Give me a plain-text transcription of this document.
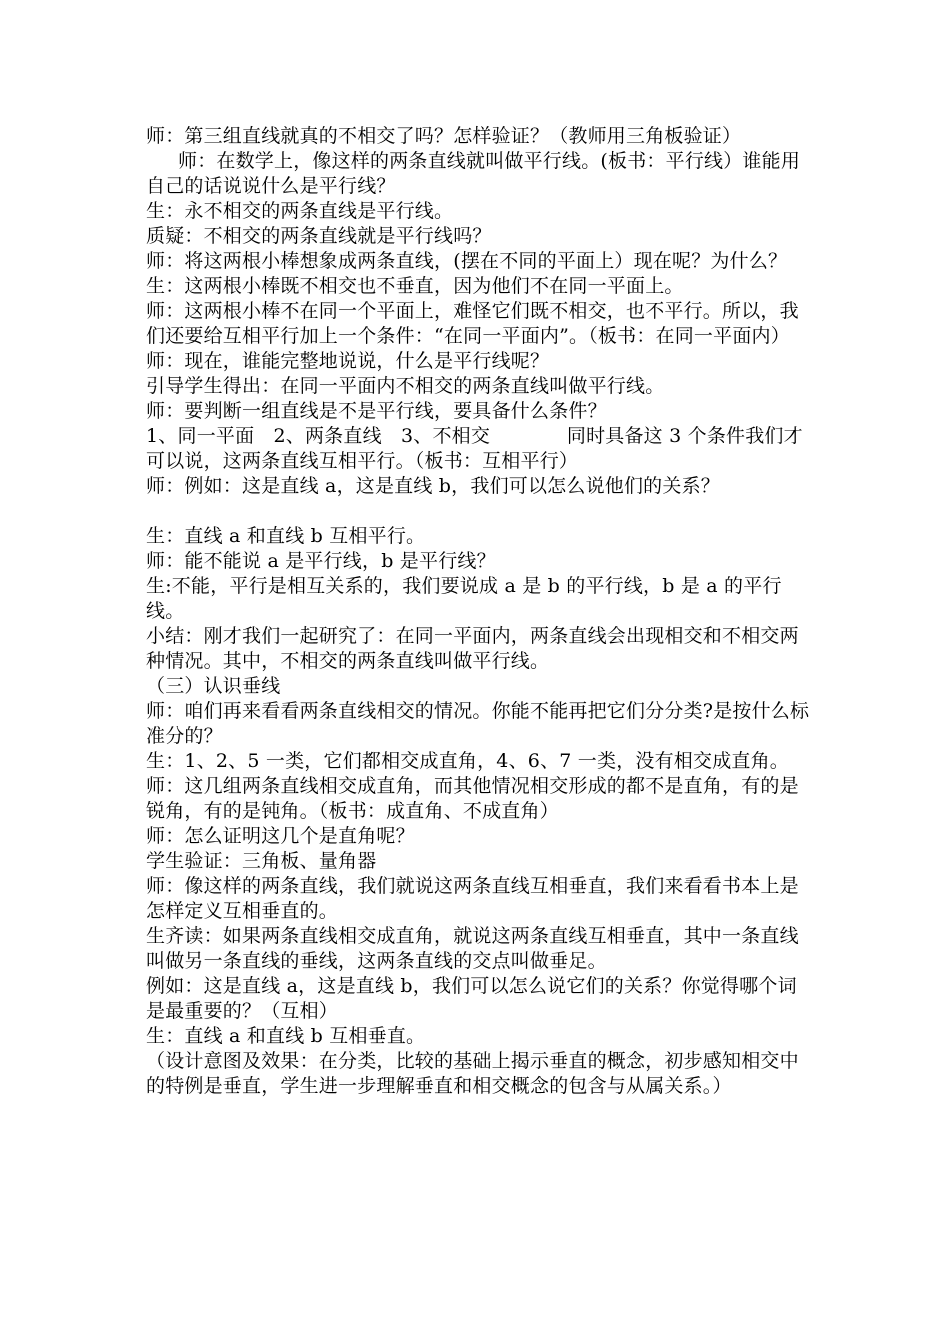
师：第三组直线就真的不相交了吗？怎样验证？（教师用三角板验证）

师：在数学上，像这样的两条直线就叫做平行线。(板书：平行线）谁能用自己的话说说什么是平行线？

生：永不相交的两条直线是平行线。

质疑：不相交的两条直线就是平行线吗？

师：将这两根小棒想象成两条直线，(摆在不同的平面上）现在呢？为什么？

生：这两根小棒既不相交也不垂直，因为他们不在同一平面上。

师：这两根小棒不在同一个平面上，难怪它们既不相交，也不平行。所以，我们还要给互相平行加上一个条件：“在同一平面内”。（板书：在同一平面内）

师：现在，谁能完整地说说，什么是平行线呢？

引导学生得出：在同一平面内不相交的两条直线叫做平行线。

师：要判断一组直线是不是平行线，要具备什么条件？

1、同一平面　2、两条直线　3、不相交　　　　同时具备这 3 个条件我们才可以说，这两条直线互相平行。（板书：互相平行）

师：例如：这是直线 a，这是直线 b，我们可以怎么说他们的关系？

生：直线 a 和直线 b 互相平行。

师：能不能说 a 是平行线，b 是平行线？

生:不能，平行是相互关系的，我们要说成 a 是 b 的平行线，b 是 a 的平行线。

小结：刚才我们一起研究了：在同一平面内，两条直线会出现相交和不相交两种情况。其中，不相交的两条直线叫做平行线。

（三）认识垂线

师：咱们再来看看两条直线相交的情况。你能不能再把它们分分类?是按什么标准分的？

生：1、2、5 一类，它们都相交成直角，4、6、7 一类，没有相交成直角。

师：这几组两条直线相交成直角，而其他情况相交形成的都不是直角，有的是锐角，有的是钝角。（板书：成直角、不成直角）

师：怎么证明这几个是直角呢？

学生验证：三角板、量角器

师：像这样的两条直线，我们就说这两条直线互相垂直，我们来看看书本上是怎样定义互相垂直的。

生齐读：如果两条直线相交成直角，就说这两条直线互相垂直，其中一条直线叫做另一条直线的垂线，这两条直线的交点叫做垂足。

例如：这是直线 a，这是直线 b，我们可以怎么说它们的关系？你觉得哪个词是最重要的？（互相）

生：直线 a 和直线 b 互相垂直。

（设计意图及效果：在分类，比较的基础上揭示垂直的概念，初步感知相交中的特例是垂直，学生进一步理解垂直和相交概念的包含与从属关系。）
